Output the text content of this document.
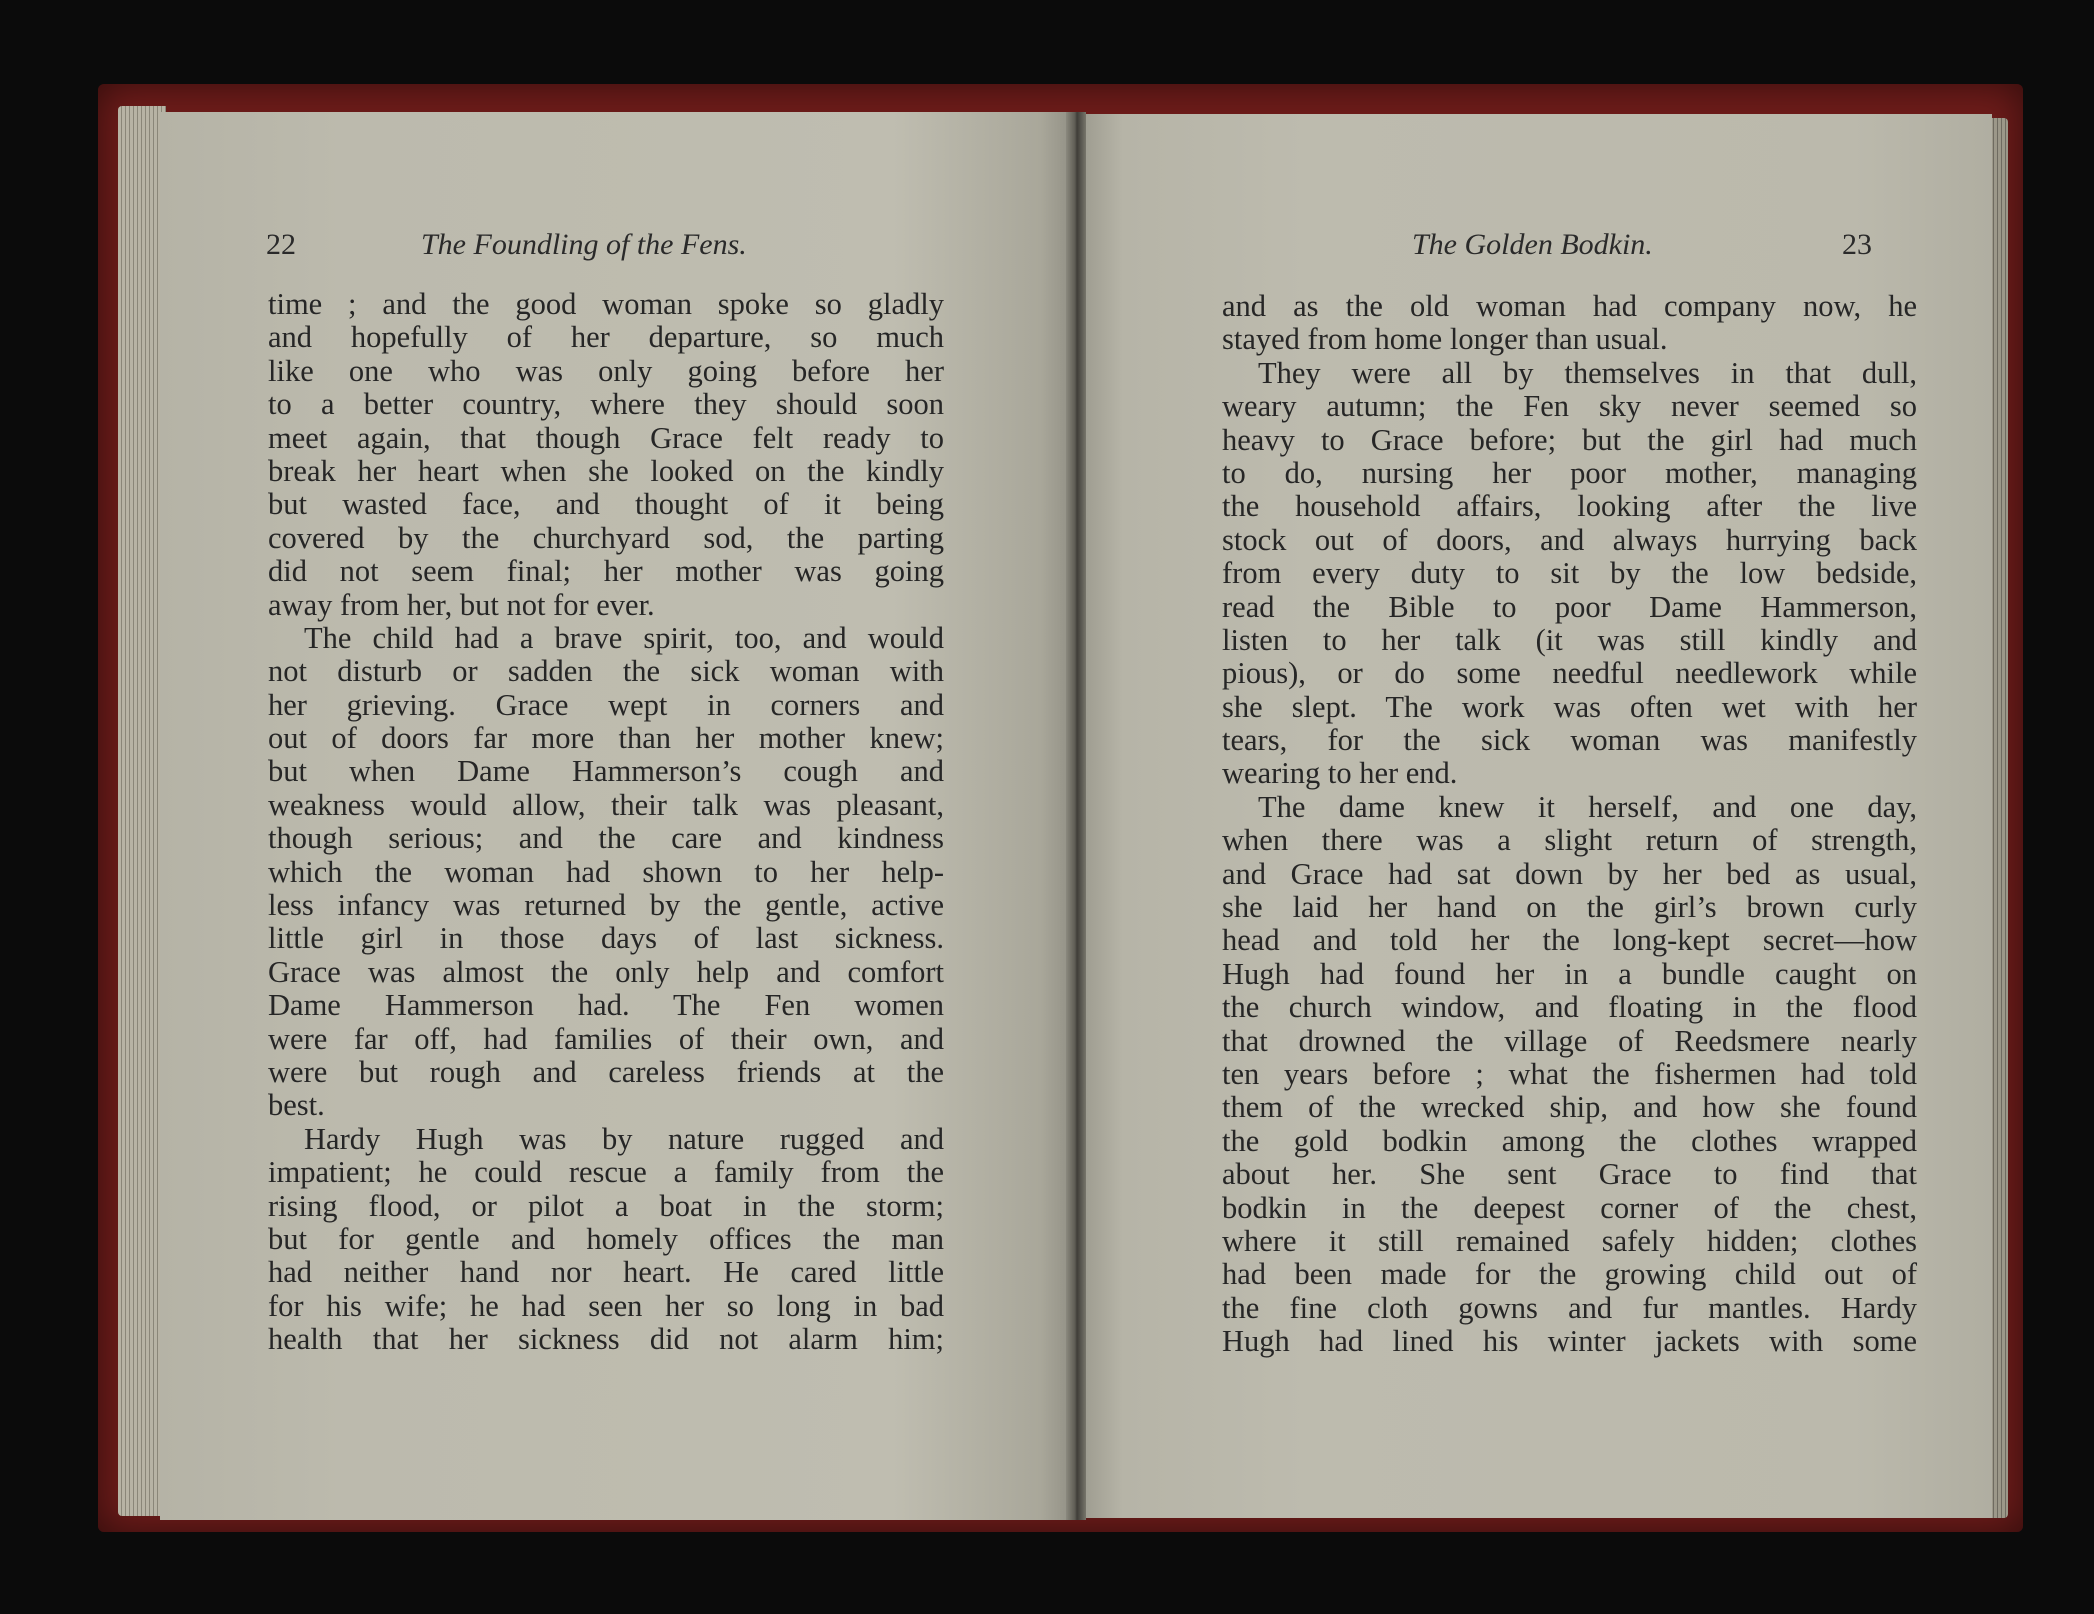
22	The Foundling of the Fens.	The Golden Bodkin.	23
time ; and the good woman spoke so gladly
and hopefully of her departure, so much
like one who was only going before her
to a better country, where they should soon
meet again, that though Grace felt ready to
break her heart when she looked on the kindly
but wasted face, and thought of it being
covered by the churchyard sod, the parting
did not seem final; her mother was going
away from her, but not for ever.
The child had a brave spirit, too, and would
not disturb or sadden the sick woman with
her grieving. Grace wept in corners and
out of doors far more than her mother knew;
but when Dame Hammerson’s cough and
weakness would allow, their talk was pleasant,
though serious; and the care and kindness
which the woman had shown to her help-
less infancy was returned by the gentle, active
little girl in those days of last sickness.
Grace was almost the only help and comfort
Dame Hammerson had. The Fen women
were far off, had families of their own, and
were but rough and careless friends at the
best.
Hardy Hugh was by nature rugged and
impatient; he could rescue a family from the
rising flood, or pilot a boat in the storm;
but for gentle and homely offices the man
had neither hand nor heart. He cared little
for his wife; he had seen her so long in bad
health that her sickness did not alarm him;
and as the old woman had company now, he
stayed from home longer than usual.
They were all by themselves in that dull,
weary autumn; the Fen sky never seemed so
heavy to Grace before; but the girl had much
to do, nursing her poor mother, managing
the household affairs, looking after the live
stock out of doors, and always hurrying back
from every duty to sit by the low bedside,
read the Bible to poor Dame Hammerson,
listen to her talk (it was still kindly and
pious), or do some needful needlework while
she slept. The work was often wet with her
tears, for the sick woman was manifestly
wearing to her end.
The dame knew it herself, and one day,
when there was a slight return of strength,
and Grace had sat down by her bed as usual,
she laid her hand on the girl’s brown curly
head and told her the long-kept secret—how
Hugh had found her in a bundle caught on
the church window, and floating in the flood
that drowned the village of Reedsmere nearly
ten years before ; what the fishermen had told
them of the wrecked ship, and how she found
the gold bodkin among the clothes wrapped
about her. She sent Grace to find that
bodkin in the deepest corner of the chest,
where it still remained safely hidden; clothes
had been made for the growing child out of
the fine cloth gowns and fur mantles. Hardy
Hugh had lined his winter jackets with some
